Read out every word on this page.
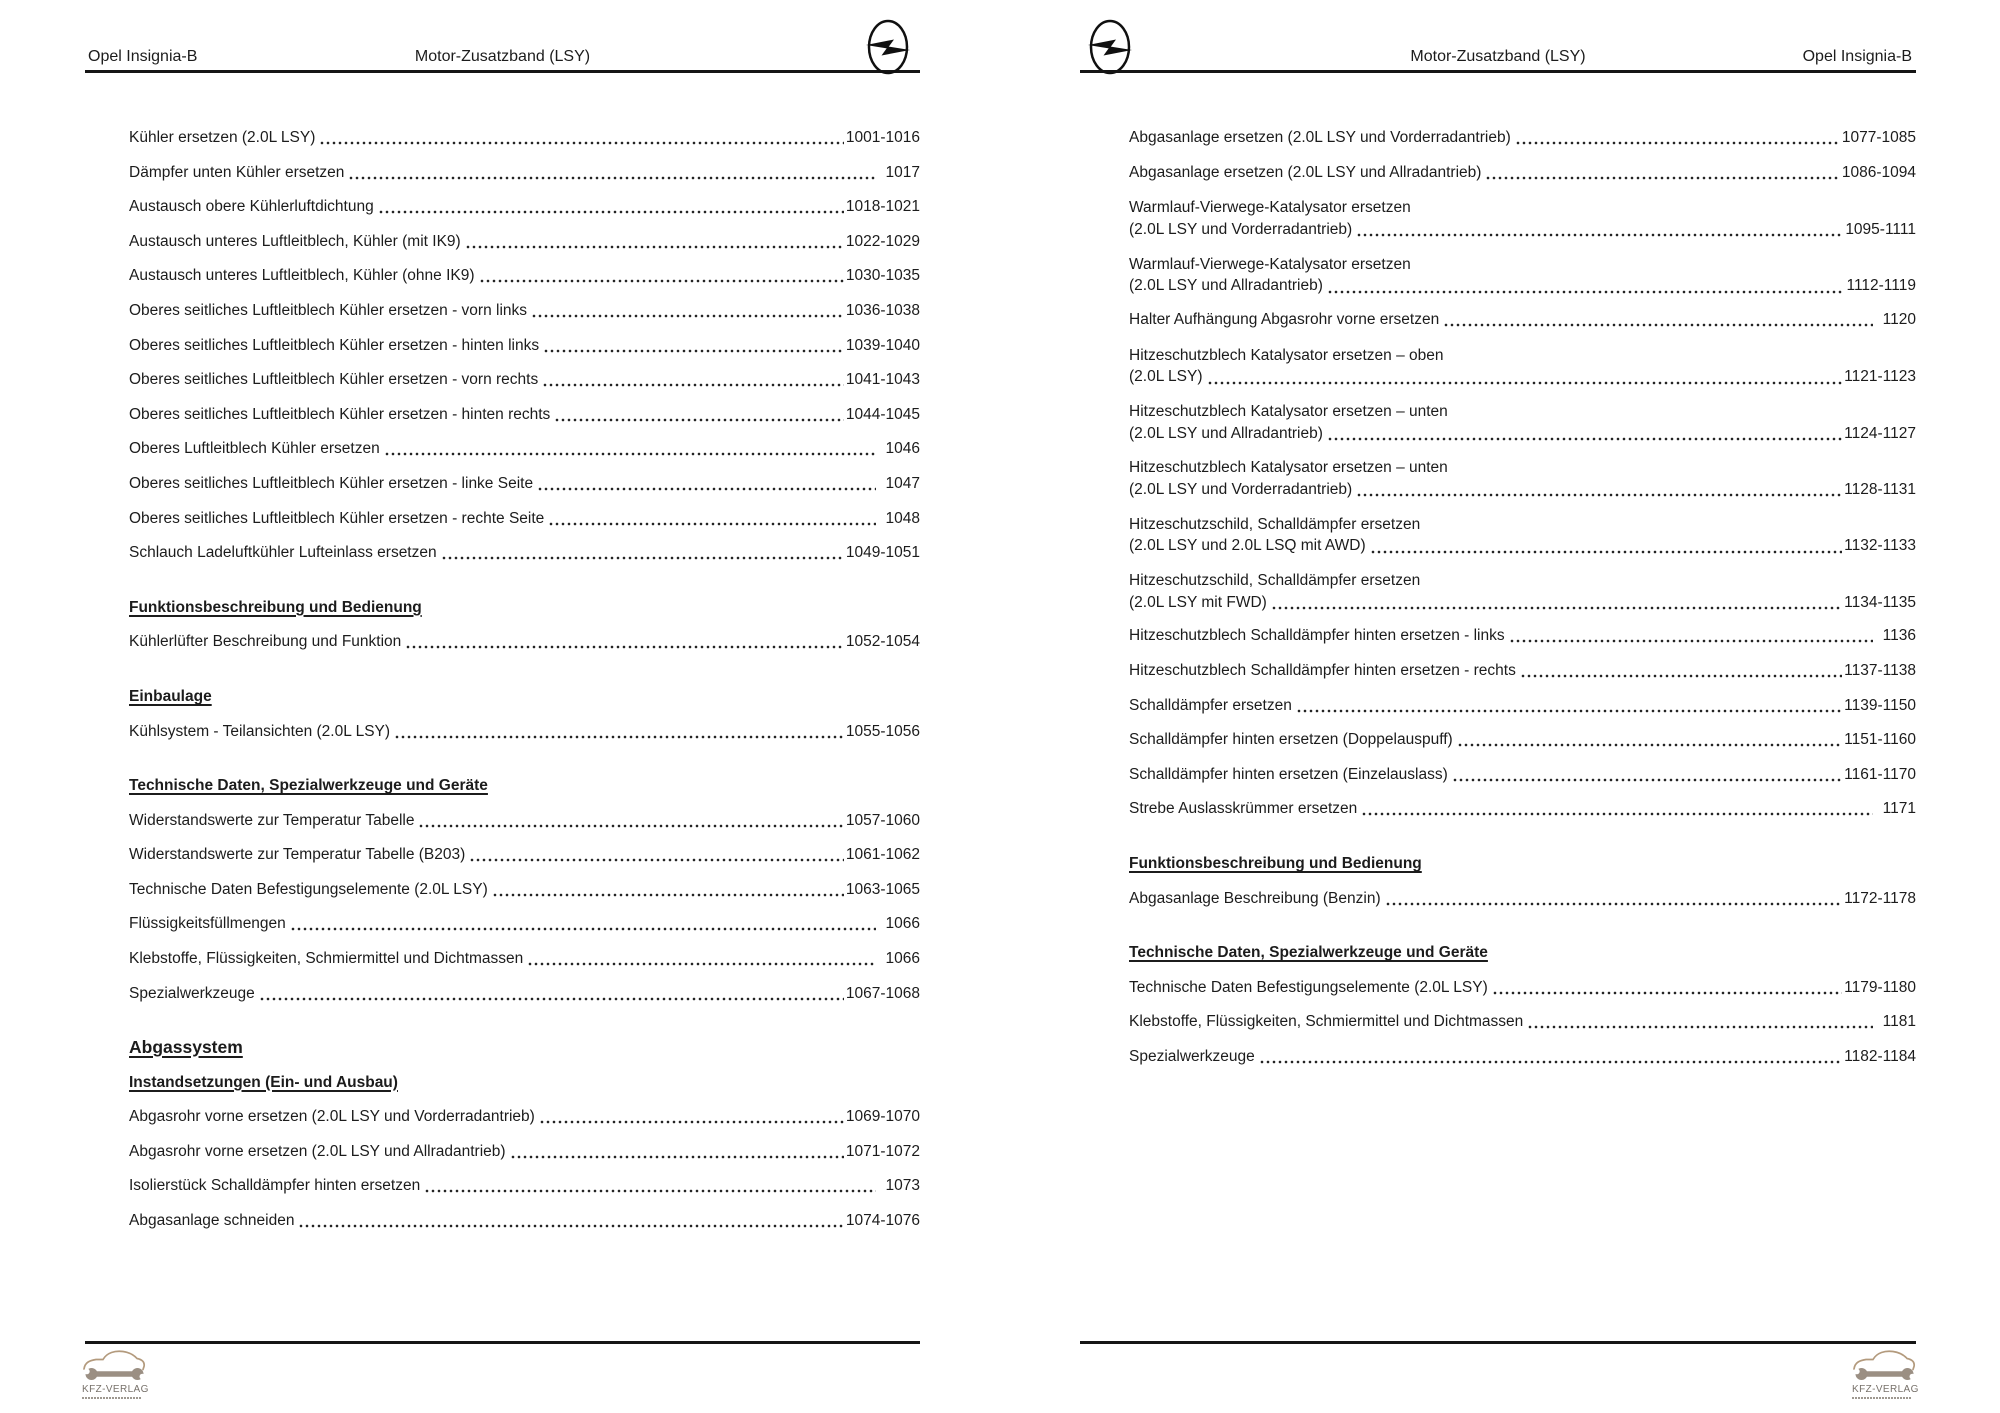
Opel Insignia-B	Motor-Zusatzband (LSY)
Kühler ersetzen (2.0L LSY)	1001-1016
Dämpfer unten Kühler ersetzen	1017
Austausch obere Kühlerluftdichtung	1018-1021
Austausch unteres Luftleitblech, Kühler (mit IK9)	1022-1029
Austausch unteres Luftleitblech, Kühler (ohne IK9)	1030-1035
Oberes seitliches Luftleitblech Kühler ersetzen - vorn links	1036-1038
Oberes seitliches Luftleitblech Kühler ersetzen - hinten links	1039-1040
Oberes seitliches Luftleitblech Kühler ersetzen - vorn rechts	1041-1043
Oberes seitliches Luftleitblech Kühler ersetzen - hinten rechts	1044-1045
Oberes Luftleitblech Kühler ersetzen	1046
Oberes seitliches Luftleitblech Kühler ersetzen - linke Seite	1047
Oberes seitliches Luftleitblech Kühler ersetzen - rechte Seite	1048
Schlauch Ladeluftkühler Lufteinlass ersetzen	1049-1051
Funktionsbeschreibung und Bedienung
Kühlerlüfter Beschreibung und Funktion	1052-1054
Einbaulage
Kühlsystem - Teilansichten (2.0L LSY)	1055-1056
Technische Daten, Spezialwerkzeuge und Geräte
Widerstandswerte zur Temperatur Tabelle	1057-1060
Widerstandswerte zur Temperatur Tabelle (B203)	1061-1062
Technische Daten Befestigungselemente (2.0L LSY)	1063-1065
Flüssigkeitsfüllmengen	1066
Klebstoffe, Flüssigkeiten, Schmiermittel und Dichtmassen	1066
Spezialwerkzeuge	1067-1068
Abgassystem
Instandsetzungen (Ein- und Ausbau)
Abgasrohr vorne ersetzen (2.0L LSY und Vorderradantrieb)	1069-1070
Abgasrohr vorne ersetzen (2.0L LSY und Allradantrieb)	1071-1072
Isolierstück Schalldämpfer hinten ersetzen	1073
Abgasanlage schneiden	1074-1076
KFZ-VERLAG
Motor-Zusatzband (LSY)	Opel Insignia-B
Abgasanlage ersetzen (2.0L LSY und Vorderradantrieb)	1077-1085
Abgasanlage ersetzen (2.0L LSY und Allradantrieb)	1086-1094
Warmlauf-Vierwege-Katalysator ersetzen
(2.0L LSY und Vorderradantrieb)	1095-1111
Warmlauf-Vierwege-Katalysator ersetzen
(2.0L LSY und Allradantrieb)	1112-1119
Halter Aufhängung Abgasrohr vorne ersetzen	1120
Hitzeschutzblech Katalysator ersetzen – oben
(2.0L LSY)	1121-1123
Hitzeschutzblech Katalysator ersetzen – unten
(2.0L LSY und Allradantrieb)	1124-1127
Hitzeschutzblech Katalysator ersetzen – unten
(2.0L LSY und Vorderradantrieb)	1128-1131
Hitzeschutzschild, Schalldämpfer ersetzen
(2.0L LSY und 2.0L LSQ mit AWD)	1132-1133
Hitzeschutzschild, Schalldämpfer ersetzen
(2.0L LSY mit FWD)	1134-1135
Hitzeschutzblech Schalldämpfer hinten ersetzen - links	1136
Hitzeschutzblech Schalldämpfer hinten ersetzen - rechts	1137-1138
Schalldämpfer ersetzen	1139-1150
Schalldämpfer hinten ersetzen (Doppelauspuff)	1151-1160
Schalldämpfer hinten ersetzen (Einzelauslass)	1161-1170
Strebe Auslasskrümmer ersetzen	1171
Funktionsbeschreibung und Bedienung
Abgasanlage Beschreibung (Benzin)	1172-1178
Technische Daten, Spezialwerkzeuge und Geräte
Technische Daten Befestigungselemente (2.0L LSY)	1179-1180
Klebstoffe, Flüssigkeiten, Schmiermittel und Dichtmassen	1181
Spezialwerkzeuge	1182-1184
KFZ-VERLAG
